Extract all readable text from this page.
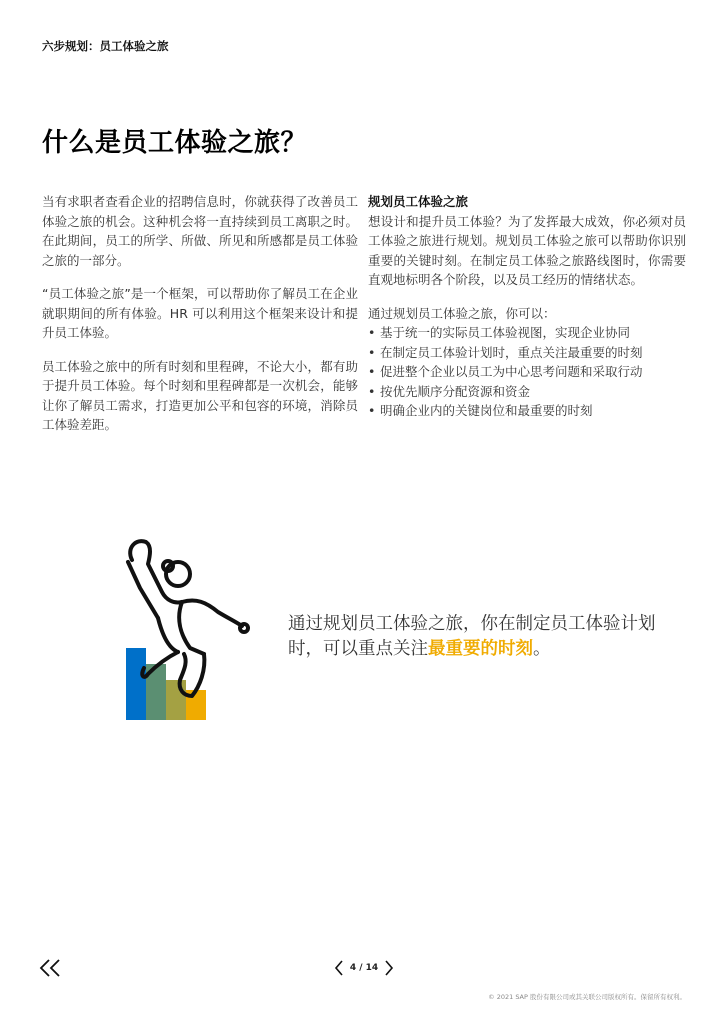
六步规划：员工体验之旅
什么是员工体验之旅？

当有求职者查看企业的招聘信息时，你就获得了改善员工体验之旅的机会。这种机会将一直持续到员工离职之时。在此期间，员工的所学、所做、所见和所感都是员工体验之旅的一部分。

“员工体验之旅”是一个框架，可以帮助你了解员工在企业就职期间的所有体验。HR 可以利用这个框架来设计和提升员工体验。

员工体验之旅中的所有时刻和里程碑，不论大小，都有助于提升员工体验。每个时刻和里程碑都是一次机会，能够让你了解员工需求，打造更加公平和包容的环境，消除员工体验差距。

规划员工体验之旅

想设计和提升员工体验？为了发挥最大成效，你必须对员工体验之旅进行规划。规划员工体验之旅可以帮助你识别重要的关键时刻。在制定员工体验之旅路线图时，你需要直观地标明各个阶段，以及员工经历的情绪状态。

通过规划员工体验之旅，你可以：
• 基于统一的实际员工体验视图，实现企业协同
• 在制定员工体验计划时，重点关注最重要的时刻
• 促进整个企业以员工为中心思考问题和采取行动
• 按优先顺序分配资源和资金
• 明确企业内的关键岗位和最重要的时刻
通过规划员工体验之旅，你在制定员工体验计划时，可以重点关注最重要的时刻。
4 / 14
© 2021 SAP 股份有限公司或其关联公司版权所有。保留所有权利。
